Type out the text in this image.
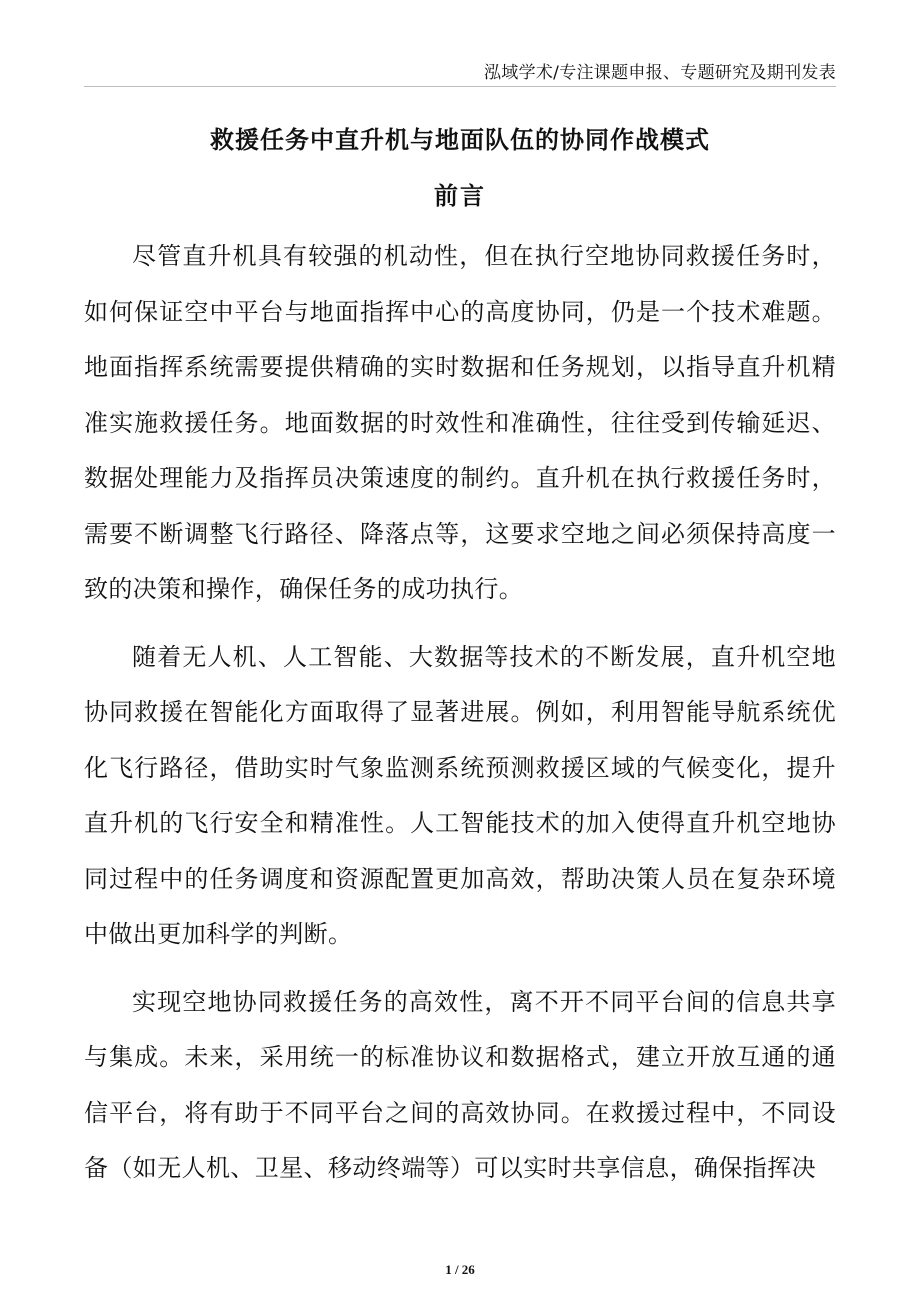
泓域学术/专注课题申报、专题研究及期刊发表
救援任务中直升机与地面队伍的协同作战模式
前言

尽管直升机具有较强的机动性，但在执行空地协同救援任务时，如何保证空中平台与地面指挥中心的高度协同，仍是一个技术难题。地面指挥系统需要提供精确的实时数据和任务规划，以指导直升机精准实施救援任务。地面数据的时效性和准确性，往往受到传输延迟、数据处理能力及指挥员决策速度的制约。直升机在执行救援任务时，需要不断调整飞行路径、降落点等，这要求空地之间必须保持高度一致的决策和操作，确保任务的成功执行。

随着无人机、人工智能、大数据等技术的不断发展，直升机空地协同救援在智能化方面取得了显著进展。例如，利用智能导航系统优化飞行路径，借助实时气象监测系统预测救援区域的气候变化，提升直升机的飞行安全和精准性。人工智能技术的加入使得直升机空地协同过程中的任务调度和资源配置更加高效，帮助决策人员在复杂环境中做出更加科学的判断。

实现空地协同救援任务的高效性，离不开不同平台间的信息共享与集成。未来，采用统一的标准协议和数据格式，建立开放互通的通信平台，将有助于不同平台之间的高效协同。在救援过程中，不同设备（如无人机、卫星、移动终端等）可以实时共享信息，确保指挥决

1 / 26
